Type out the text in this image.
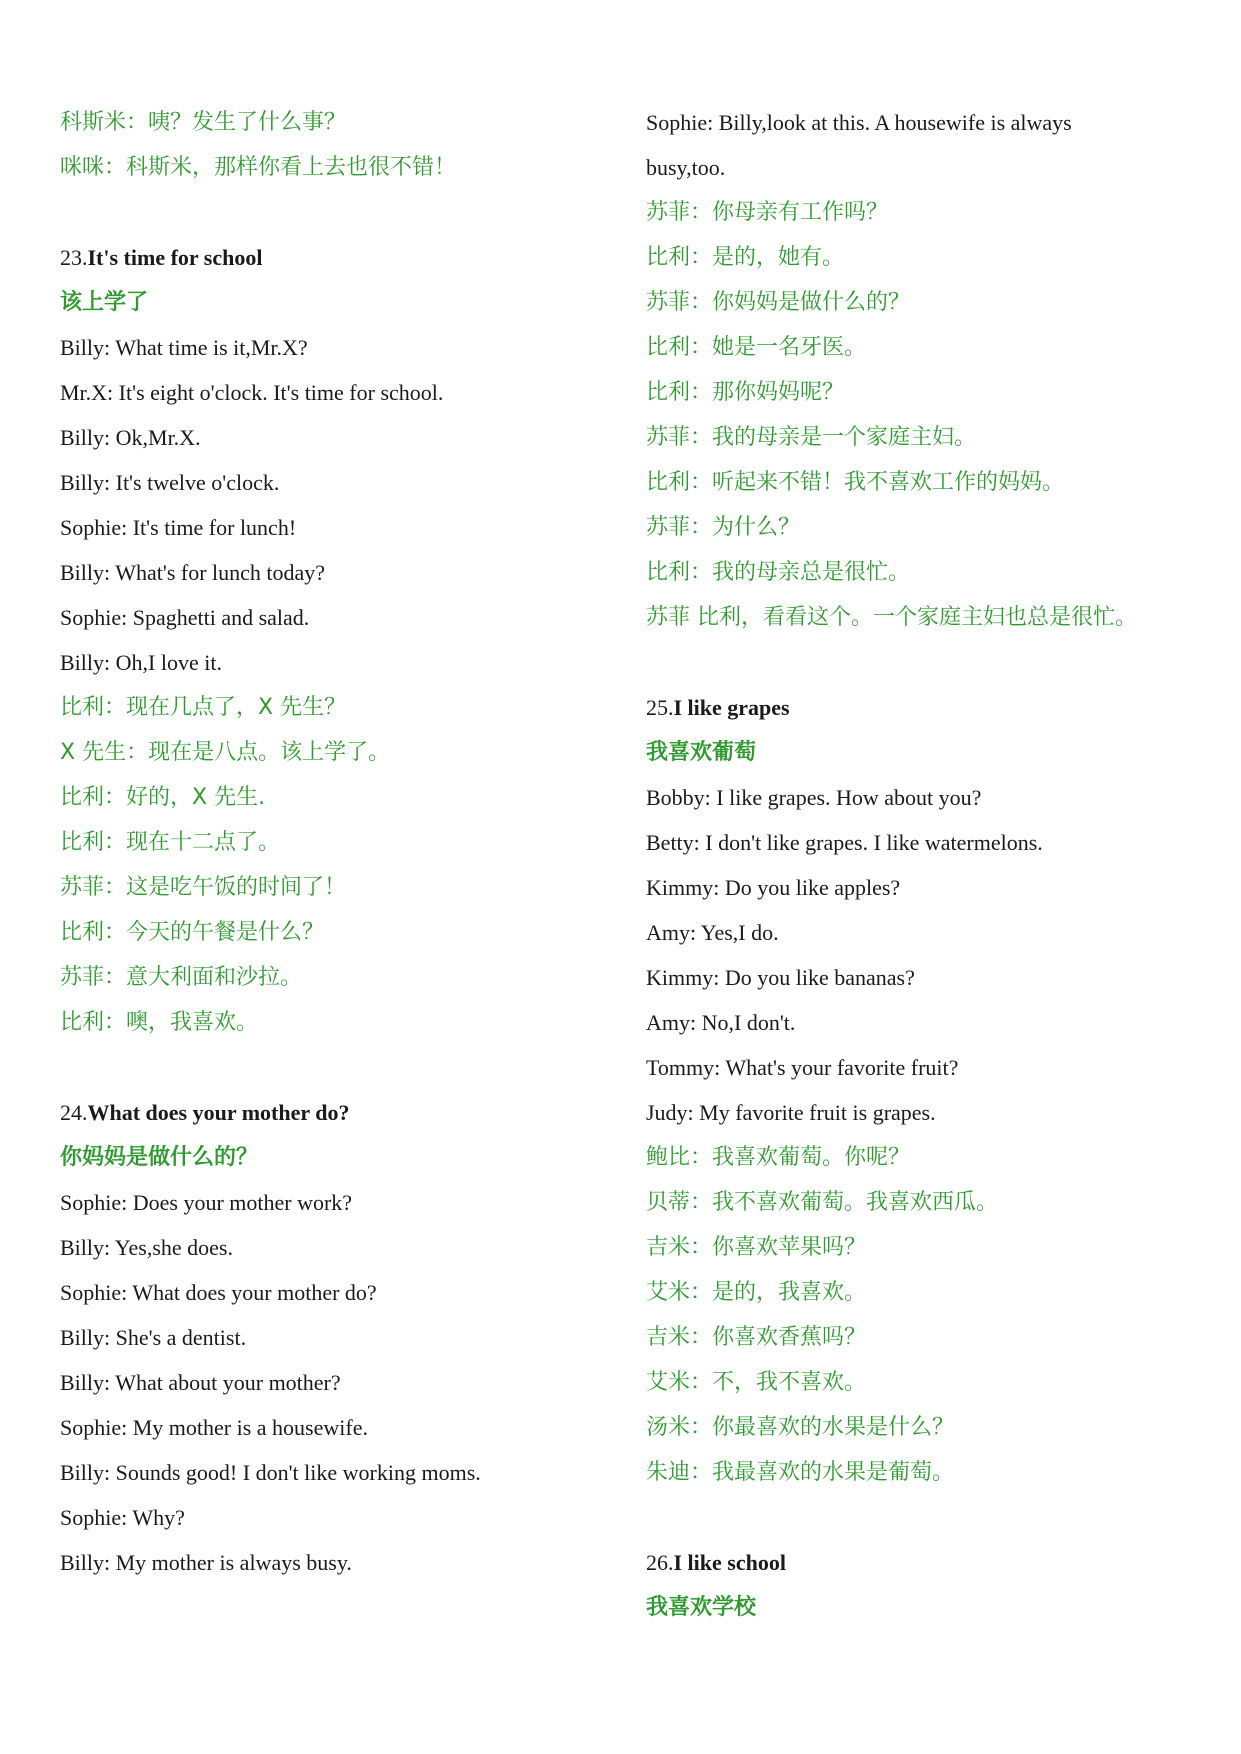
科斯米：咦？发生了什么事？

咪咪：科斯米，那样你看上去也很不错！

23.It's time for school

该上学了

Billy: What time is it,Mr.X?

Mr.X: It's eight o'clock. It's time for school.

Billy: Ok,Mr.X.

Billy: It's twelve o'clock.

Sophie: It's time for lunch!

Billy: What's for lunch today?

Sophie: Spaghetti and salad.

Billy: Oh,I love it.

比利：现在几点了，X 先生？

X 先生：现在是八点。该上学了。

比利：好的，X 先生.

比利：现在十二点了。

苏菲：这是吃午饭的时间了！

比利：今天的午餐是什么？

苏菲：意大利面和沙拉。

比利：噢，我喜欢。

24.What does your mother do?

你妈妈是做什么的？

Sophie: Does your mother work?

Billy: Yes,she does.

Sophie: What does your mother do?

Billy: She's a dentist.

Billy: What about your mother?

Sophie: My mother is a housewife.

Billy: Sounds good! I don't like working moms.

Sophie: Why?

Billy: My mother is always busy.

Sophie: Billy,look at this. A housewife is always

busy,too.

苏菲：你母亲有工作吗？

比利：是的，她有。

苏菲：你妈妈是做什么的？

比利：她是一名牙医。

比利：那你妈妈呢？

苏菲：我的母亲是一个家庭主妇。

比利：听起来不错！我不喜欢工作的妈妈。

苏菲：为什么？

比利：我的母亲总是很忙。

苏菲 比利，看看这个。一个家庭主妇也总是很忙。

25.I like grapes

我喜欢葡萄

Bobby: I like grapes. How about you?

Betty: I don't like grapes. I like watermelons.

Kimmy: Do you like apples?

Amy: Yes,I do.

Kimmy: Do you like bananas?

Amy: No,I don't.

Tommy: What's your favorite fruit?

Judy: My favorite fruit is grapes.

鲍比：我喜欢葡萄。你呢？

贝蒂：我不喜欢葡萄。我喜欢西瓜。

吉米：你喜欢苹果吗？

艾米：是的，我喜欢。

吉米：你喜欢香蕉吗？

艾米：不，我不喜欢。

汤米：你最喜欢的水果是什么？

朱迪：我最喜欢的水果是葡萄。

26.I like school

我喜欢学校
